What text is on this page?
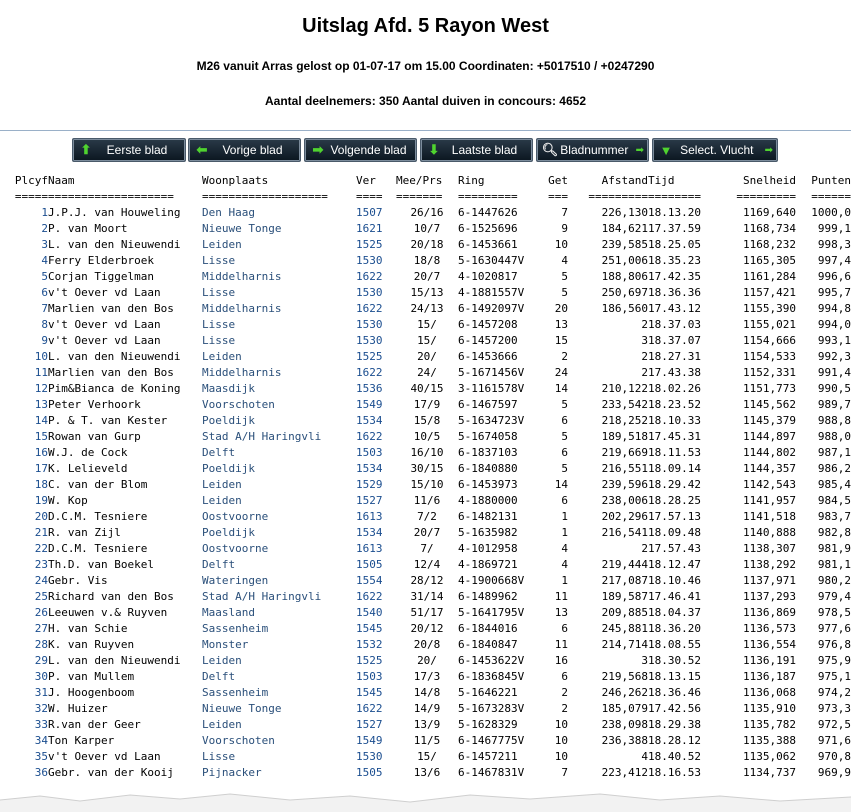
Uitslag Afd. 5 Rayon West
M26 vanuit Arras gelost op 01-07-17 om 15.00 Coordinaten: +5017510 / +0247290
Aantal deelnemers: 350 Aantal duiven in concours: 4652
⬆	Eerste blad	⬅	Vorige blad	➡ Volgende blad	⬇	Laatste blad	🔍︎ Bladnummer ➡ ▼ Select. Vlucht	➡
Plcyf	Naam	Woonplaats	Ver	Mee/Prs	Ring	Get	Afstand	Tijd	Snelheid	Punten
=====	===================	===================	====	=======	=========	===	=========	========	=========	======
1	J.P.J. van Houweling	Den Haag	1507	26/16	6-1447626	7	226,130	18.13.20	1169,640	1000,0
2	P. van Moort	Nieuwe Tonge	1621	10/7	6-1525696	9	184,621	17.37.59	1168,734	999,1
3	L. van den Nieuwendi	Leiden	1525	20/18	6-1453661	10	239,585	18.25.05	1168,232	998,3
4	Ferry Elderbroek	Lisse	1530	18/8	5-1630447V	4	251,006	18.35.23	1165,305	997,4
5	Corjan Tiggelman	Middelharnis	1622	20/7	4-1020817	5	188,806	17.42.35	1161,284	996,6
6	v't Oever vd Laan	Lisse	1530	15/13	4-1881557V	5	250,697	18.36.36	1157,421	995,7
7	Marlien van den Bos	Middelharnis	1622	24/13	6-1492097V	20	186,560	17.43.12	1155,390	994,8
8	v't Oever vd Laan	Lisse	1530	15/	6-1457208	13	2	18.37.03	1155,021	994,0
9	v't Oever vd Laan	Lisse	1530	15/	6-1457200	15	3	18.37.07	1154,666	993,1
10	L. van den Nieuwendi	Leiden	1525	20/	6-1453666	2	2	18.27.31	1154,533	992,3
11	Marlien van den Bos	Middelharnis	1622	24/	5-1671456V	24	2	17.43.38	1152,331	991,4
12	Pim&Bianca de Koning	Maasdijk	1536	40/15	3-1161578V	14	210,122	18.02.26	1151,773	990,5
13	Peter Verhoork	Voorschoten	1549	17/9	6-1467597	5	233,542	18.23.52	1145,562	989,7
14	P. & T. van Kester	Poeldijk	1534	15/8	5-1634723V	6	218,252	18.10.33	1145,379	988,8
15	Rowan van Gurp	Stad A/H Haringvli	1622	10/5	5-1674058	5	189,518	17.45.31	1144,897	988,0
16	W.J. de Cock	Delft	1503	16/10	6-1837103	6	219,669	18.11.53	1144,802	987,1
17	K. Lelieveld	Poeldijk	1534	30/15	6-1840880	5	216,551	18.09.14	1144,357	986,2
18	C. van der Blom	Leiden	1529	15/10	6-1453973	14	239,596	18.29.42	1142,543	985,4
19	W. Kop	Leiden	1527	11/6	4-1880000	6	238,006	18.28.25	1141,957	984,5
20	D.C.M. Tesniere	Oostvoorne	1613	7/2	6-1482131	1	202,296	17.57.13	1141,518	983,7
21	R. van Zijl	Poeldijk	1534	20/7	5-1635982	1	216,541	18.09.48	1140,888	982,8
22	D.C.M. Tesniere	Oostvoorne	1613	7/	4-1012958	4	2	17.57.43	1138,307	981,9
23	Th.D. van Boekel	Delft	1505	12/4	4-1869721	4	219,444	18.12.47	1138,292	981,1
24	Gebr. Vis	Wateringen	1554	28/12	4-1900668V	1	217,087	18.10.46	1137,971	980,2
25	Richard van den Bos	Stad A/H Haringvli	1622	31/14	6-1489962	11	189,587	17.46.41	1137,293	979,4
26	Leeuwen v.& Ruyven	Maasland	1540	51/17	5-1641795V	13	209,885	18.04.37	1136,869	978,5
27	H. van Schie	Sassenheim	1545	20/12	6-1844016	6	245,881	18.36.20	1136,573	977,6
28	K. van Ruyven	Monster	1532	20/8	6-1840847	11	214,714	18.08.55	1136,554	976,8
29	L. van den Nieuwendi	Leiden	1525	20/	6-1453622V	16	3	18.30.52	1136,191	975,9
30	P. van Mullem	Delft	1503	17/3	6-1836845V	6	219,568	18.13.15	1136,187	975,1
31	J. Hoogenboom	Sassenheim	1545	14/8	5-1646221	2	246,262	18.36.46	1136,068	974,2
32	W. Huizer	Nieuwe Tonge	1622	14/9	5-1673283V	2	185,079	17.42.56	1135,910	973,3
33	R.van der Geer	Leiden	1527	13/9	5-1628329	10	238,098	18.29.38	1135,782	972,5
34	Ton Karper	Voorschoten	1549	11/5	6-1467775V	10	236,388	18.28.12	1135,388	971,6
35	v't Oever vd Laan	Lisse	1530	15/	6-1457211	10	4	18.40.52	1135,062	970,8
36	Gebr. van der Kooij	Pijnacker	1505	13/6	6-1467831V	7	223,412	18.16.53	1134,737	969,9
